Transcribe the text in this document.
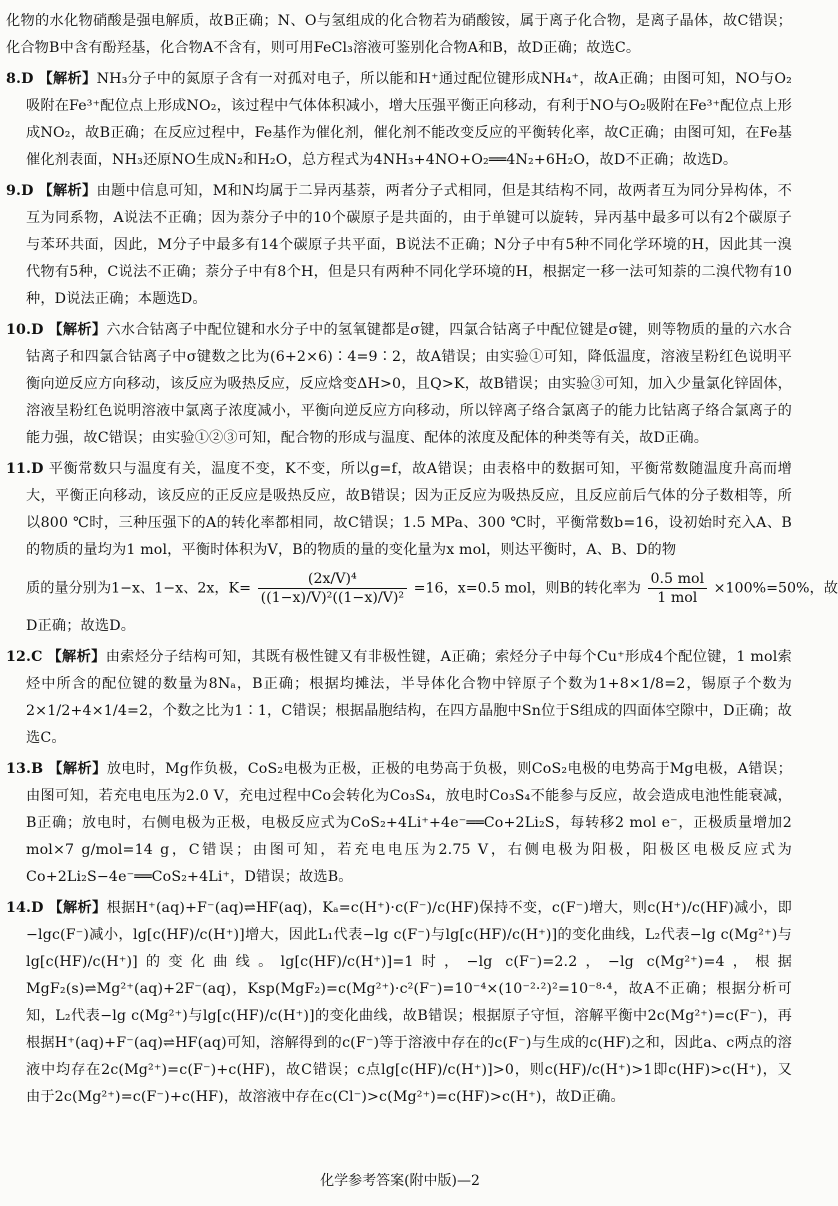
化物的水化物硝酸是强电解质，故B正确；N、O与氢组成的化合物若为硝酸铵，属于离子化合物，是离子晶体，故C错误；化合物B中含有酚羟基，化合物A不含有，则可用FeCl₃溶液可鉴别化合物A和B，故D正确；故选C。

8.D 【解析】NH₃分子中的氮原子含有一对孤对电子，所以能和H⁺通过配位键形成NH₄⁺，故A正确；由图可知，NO与O₂吸附在Fe³⁺配位点上形成NO₂，该过程中气体体积减小，增大压强平衡正向移动，有利于NO与O₂吸附在Fe³⁺配位点上形成NO₂，故B正确；在反应过程中，Fe基作为催化剂，催化剂不能改变反应的平衡转化率，故C正确；由图可知，在Fe基催化剂表面，NH₃还原NO生成N₂和H₂O，总方程式为4NH₃+4NO+O₂══4N₂+6H₂O，故D不正确；故选D。

9.D 【解析】由题中信息可知，M和N均属于二异丙基萘，两者分子式相同，但是其结构不同，故两者互为同分异构体，不互为同系物，A说法不正确；因为萘分子中的10个碳原子是共面的，由于单键可以旋转，异丙基中最多可以有2个碳原子与苯环共面，因此，M分子中最多有14个碳原子共平面，B说法不正确；N分子中有5种不同化学环境的H，因此其一溴代物有5种，C说法不正确；萘分子中有8个H，但是只有两种不同化学环境的H，根据定一移一法可知萘的二溴代物有10种，D说法正确；本题选D。

10.D 【解析】六水合钴离子中配位键和水分子中的氢氧键都是σ键，四氯合钴离子中配位键是σ键，则等物质的量的六水合钴离子和四氯合钴离子中σ键数之比为(6+2×6)∶4=9∶2，故A错误；由实验①可知，降低温度，溶液呈粉红色说明平衡向逆反应方向移动，该反应为吸热反应，反应焓变ΔH>0，且Q>K，故B错误；由实验③可知，加入少量氯化锌固体，溶液呈粉红色说明溶液中氯离子浓度减小，平衡向逆反应方向移动，所以锌离子络合氯离子的能力比钴离子络合氯离子的能力强，故C错误；由实验①②③可知，配合物的形成与温度、配体的浓度及配体的种类等有关，故D正确。

11.D 平衡常数只与温度有关，温度不变，K不变，所以g=f，故A错误；由表格中的数据可知，平衡常数随温度升高而增大，平衡正向移动，该反应的正反应是吸热反应，故B错误；因为正反应为吸热反应，且反应前后气体的分子数相等，所以800 ℃时，三种压强下的A的转化率都相同，故C错误；1.5 MPa、300 ℃时，平衡常数b=16，设初始时充入A、B的物质的量均为1 mol，平衡时体积为V，B的物质的量的变化量为x mol，则达平衡时，A、B、D的物

质的量分别为1−x、1−x、2x，$K= \frac{\text{(2x/V)⁴}}{\text{((1−x)/V)²((1−x)/V)²}} =16$，x=0.5 mol，则B的转化率为 $\frac{\text{0.5 mol}}{\text{1 mol}} \times 100\%=50\%$，故

D正确；故选D。

12.C 【解析】由索烃分子结构可知，其既有极性键又有非极性键，A正确；索烃分子中每个Cu⁺形成4个配位键，1 mol索烃中所含的配位键的数量为8Nₐ，B正确；根据均摊法，半导体化合物中锌原子个数为1+8×1/8=2，锡原子个数为2×1/2+4×1/4=2，个数之比为1∶1，C错误；根据晶胞结构，在四方晶胞中Sn位于S组成的四面体空隙中，D正确；故选C。

13.B 【解析】放电时，Mg作负极，CoS₂电极为正极，正极的电势高于负极，则CoS₂电极的电势高于Mg电极，A错误；由图可知，若充电电压为2.0 V，充电过程中Co会转化为Co₃S₄，放电时Co₃S₄不能参与反应，故会造成电池性能衰减，B正确；放电时，右侧电极为正极，电极反应式为CoS₂+4Li⁺+4e⁻══Co+2Li₂S，每转移2 mol e⁻，正极质量增加2 mol×7 g/mol=14 g，C错误；由图可知，若充电电压为2.75 V，右侧电极为阳极，阳极区电极反应式为Co+2Li₂S−4e⁻══CoS₂+4Li⁺，D错误；故选B。

14.D 【解析】根据H⁺(aq)+F⁻(aq)⇌HF(aq)，Kₐ=c(H⁺)·c(F⁻)/c(HF)保持不变，c(F⁻)增大，则c(H⁺)/c(HF)减小，即−lgc(F⁻)减小，lg[c(HF)/c(H⁺)]增大，因此L₁代表−lg c(F⁻)与lg[c(HF)/c(H⁺)]的变化曲线，L₂代表−lg c(Mg²⁺)与lg[c(HF)/c(H⁺)]的变化曲线。lg[c(HF)/c(H⁺)]=1时，−lg c(F⁻)=2.2，−lg c(Mg²⁺)=4，根据MgF₂(s)⇌Mg²⁺(aq)+2F⁻(aq)，Ksp(MgF₂)=c(Mg²⁺)·c²(F⁻)=10⁻⁴×(10⁻²·²)²=10⁻⁸·⁴，故A不正确；根据分析可知，L₂代表−lg c(Mg²⁺)与lg[c(HF)/c(H⁺)]的变化曲线，故B错误；根据原子守恒，溶解平衡中2c(Mg²⁺)=c(F⁻)，再根据H⁺(aq)+F⁻(aq)⇌HF(aq)可知，溶解得到的c(F⁻)等于溶液中存在的c(F⁻)与生成的c(HF)之和，因此a、c两点的溶液中均存在2c(Mg²⁺)=c(F⁻)+c(HF)，故C错误；c点lg[c(HF)/c(H⁺)]>0，则c(HF)/c(H⁺)>1即c(HF)>c(H⁺)，又由于2c(Mg²⁺)=c(F⁻)+c(HF)，故溶液中存在c(Cl⁻)>c(Mg²⁺)=c(HF)>c(H⁺)，故D正确。

化学参考答案(附中版)—2
